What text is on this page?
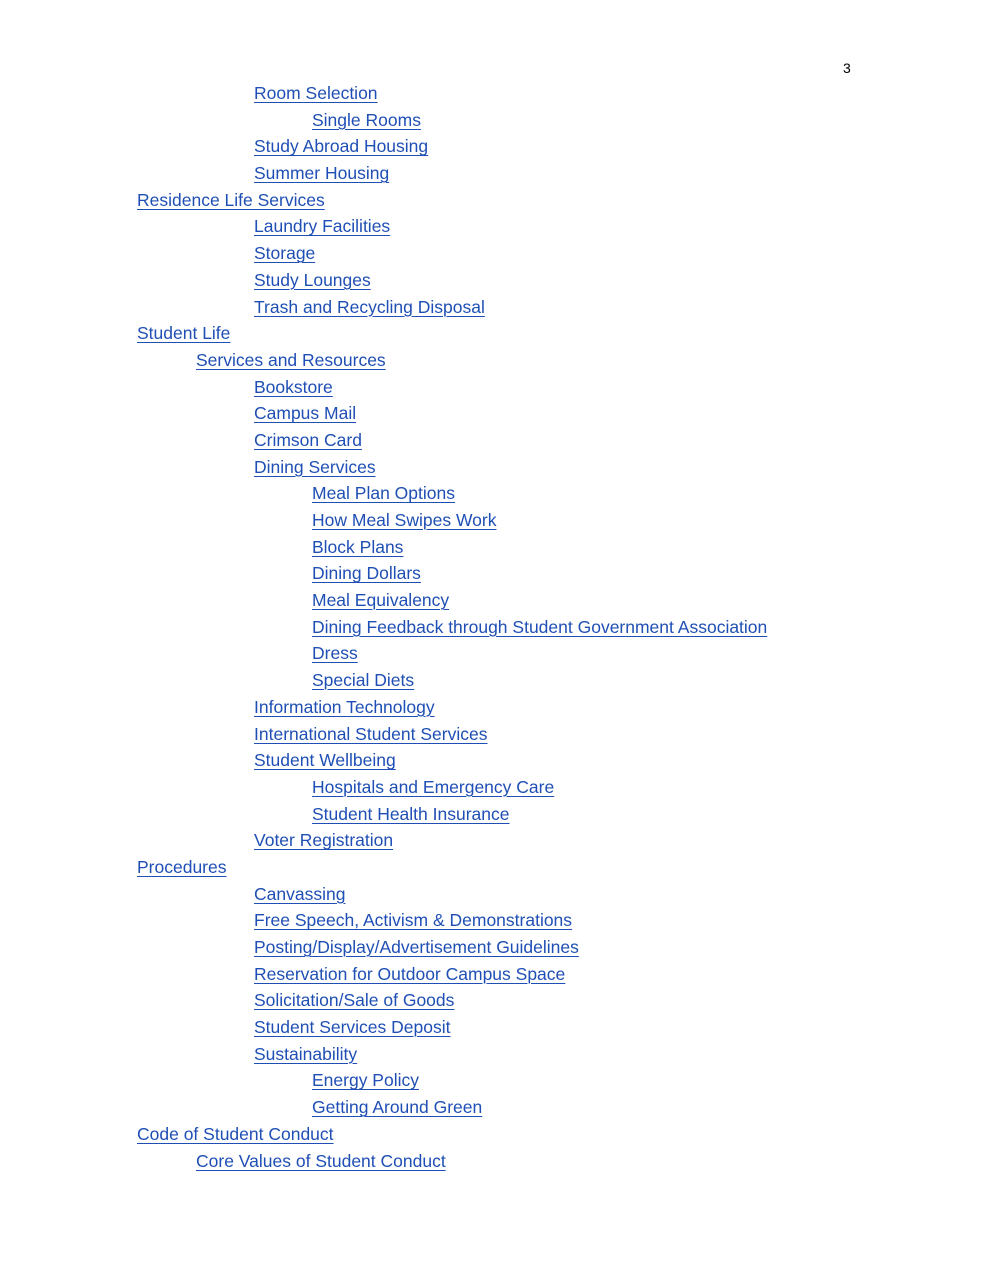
3
Room Selection
Single Rooms
Study Abroad Housing
Summer Housing
Residence Life Services
Laundry Facilities
Storage
Study Lounges
Trash and Recycling Disposal
Student Life
Services and Resources
Bookstore
Campus Mail
Crimson Card
Dining Services
Meal Plan Options
How Meal Swipes Work
Block Plans
Dining Dollars
Meal Equivalency
Dining Feedback through Student Government Association
Dress
Special Diets
Information Technology
International Student Services
Student Wellbeing
Hospitals and Emergency Care
Student Health Insurance
Voter Registration
Procedures
Canvassing
Free Speech, Activism & Demonstrations
Posting/Display/Advertisement Guidelines
Reservation for Outdoor Campus Space
Solicitation/Sale of Goods
Student Services Deposit
Sustainability
Energy Policy
Getting Around Green
Code of Student Conduct
Core Values of Student Conduct
